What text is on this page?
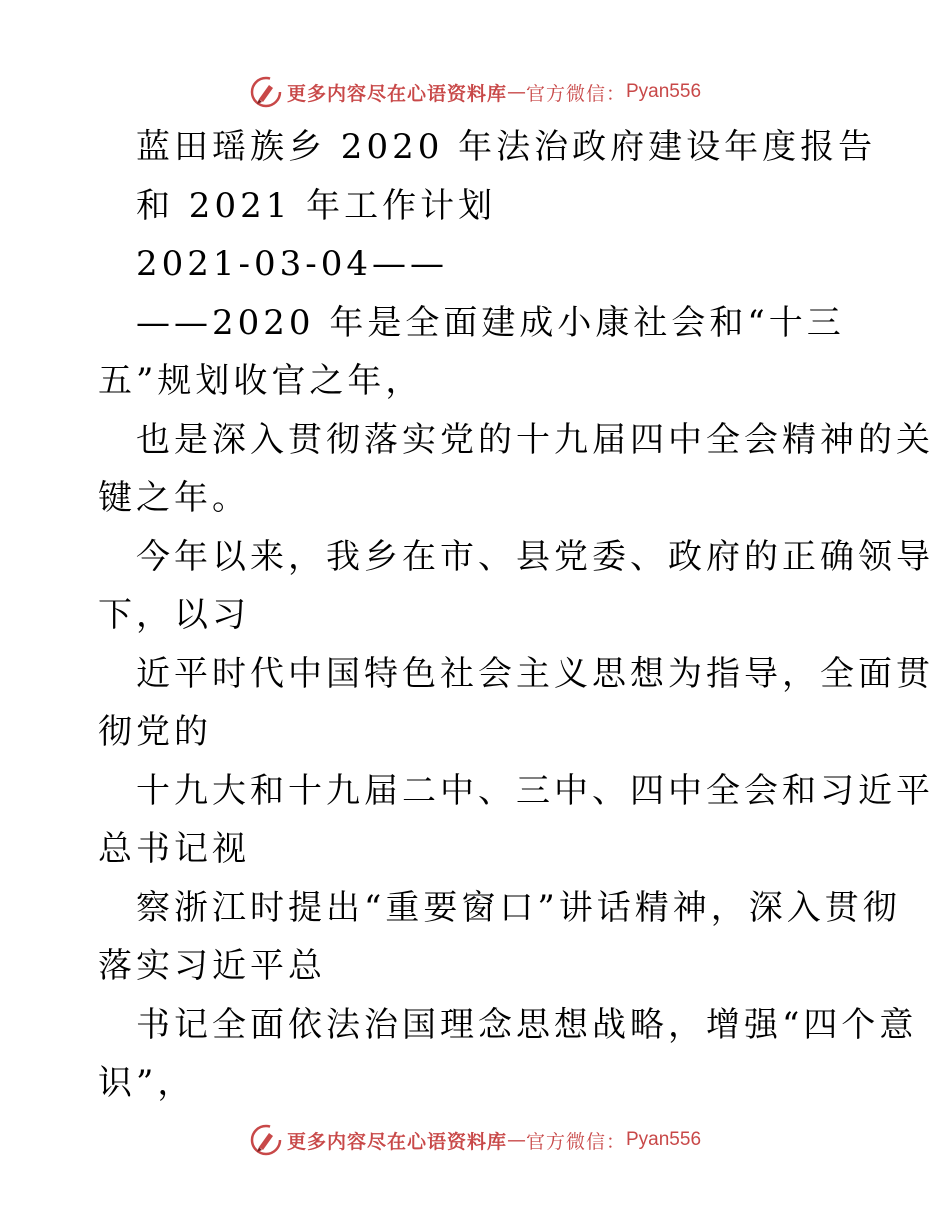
更多内容尽在心语资料库 — 官方微信： Pyan556
蓝田瑶族乡 2020 年法治政府建设年度报告
和 2021 年工作计划
2021-03-04——
——2020 年是全面建成小康社会和“十三
五”规划收官之年，
也是深入贯彻落实党的十九届四中全会精神的关
键之年。
今年以来，我乡在市、县党委、政府的正确领导
下，以习
近平时代中国特色社会主义思想为指导，全面贯
彻党的
十九大和十九届二中、三中、四中全会和习近平
总书记视
察浙江时提出“重要窗口”讲话精神，深入贯彻
落实习近平总
书记全面依法治国理念思想战略，增强“四个意
识”，
更多内容尽在心语资料库 — 官方微信： Pyan556
